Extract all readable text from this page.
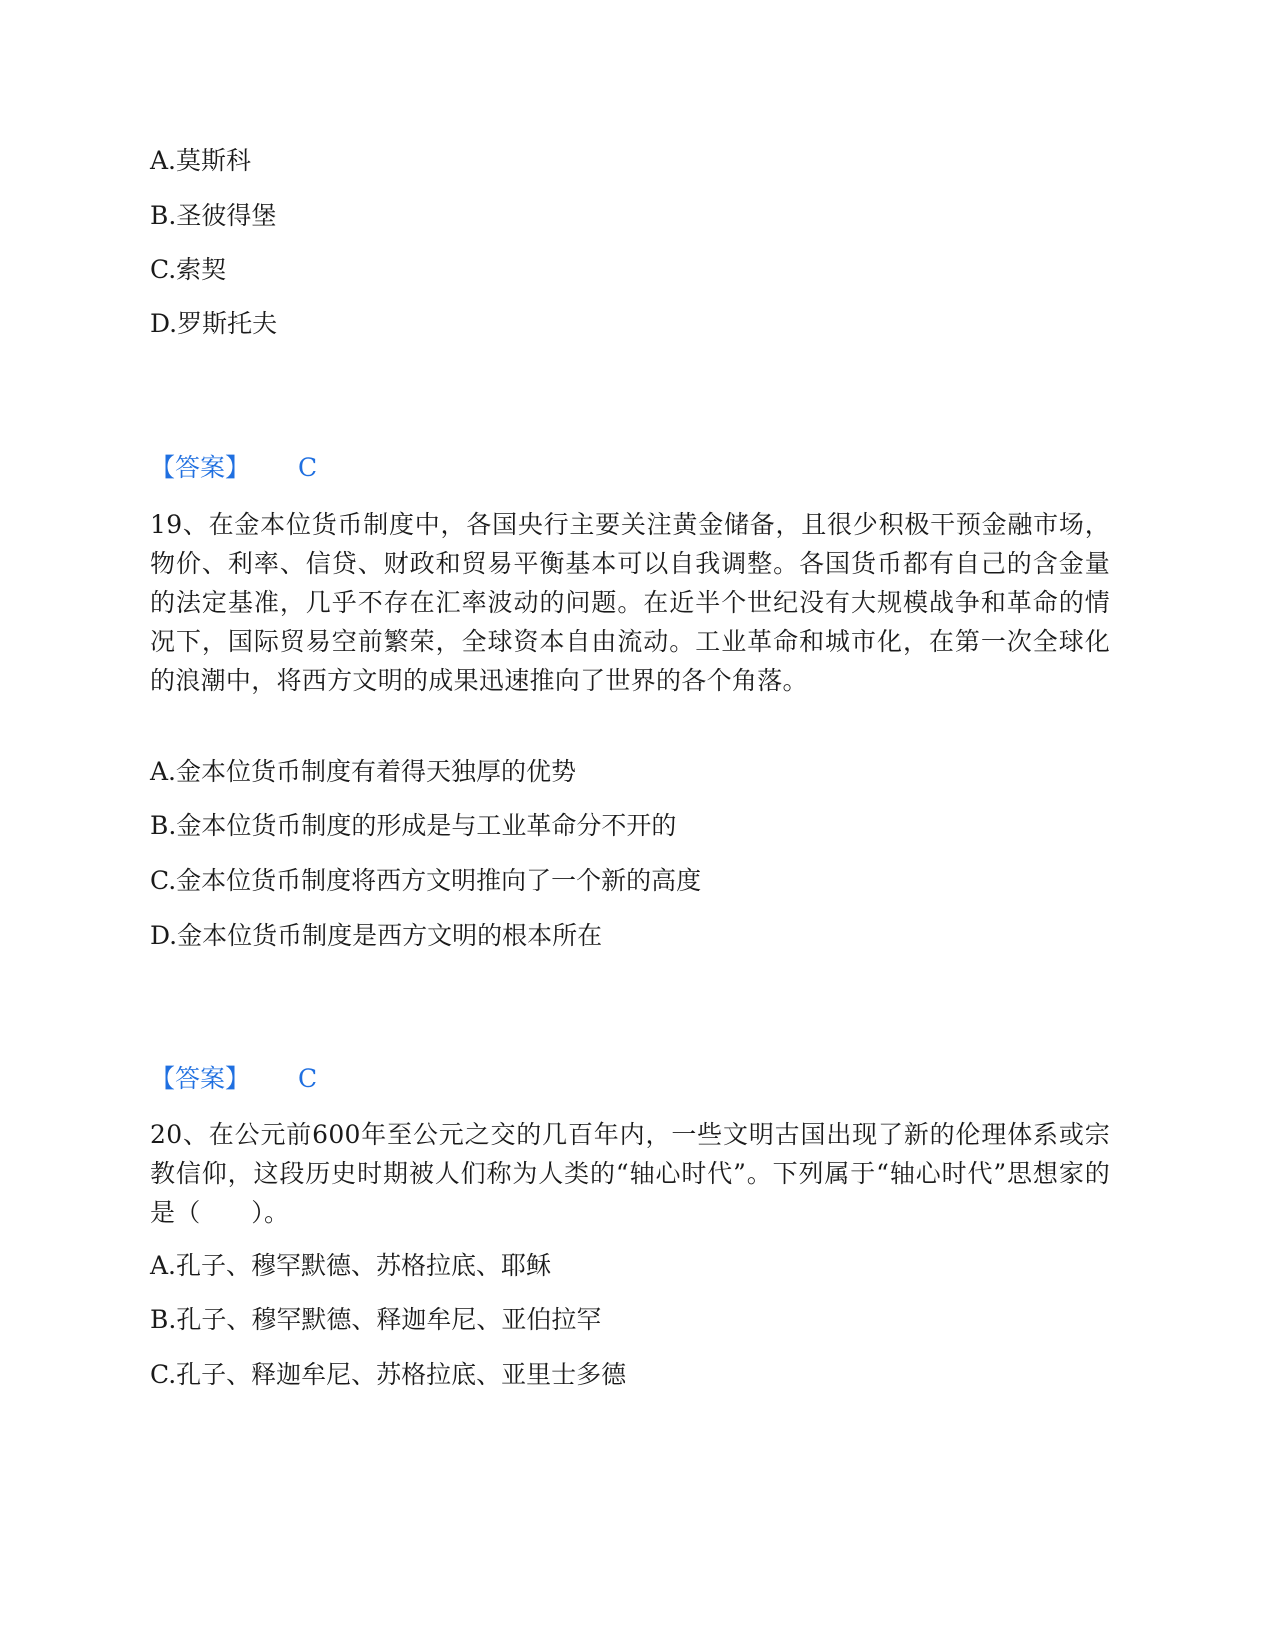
A.莫斯科
B.圣彼得堡
C.索契
D.罗斯托夫
【答案】 C
19、在金本位货币制度中，各国央行主要关注黄金储备，且很少积极干预金融市场，物价、利率、信贷、财政和贸易平衡基本可以自我调整。各国货币都有自己的含金量的法定基准，几乎不存在汇率波动的问题。在近半个世纪没有大规模战争和革命的情况下，国际贸易空前繁荣，全球资本自由流动。工业革命和城市化，在第一次全球化的浪潮中，将西方文明的成果迅速推向了世界的各个角落。
A.金本位货币制度有着得天独厚的优势
B.金本位货币制度的形成是与工业革命分不开的
C.金本位货币制度将西方文明推向了一个新的高度
D.金本位货币制度是西方文明的根本所在
【答案】 C
20、在公元前600年至公元之交的几百年内，一些文明古国出现了新的伦理体系或宗教信仰，这段历史时期被人们称为人类的“轴心时代”。下列属于“轴心时代”思想家的是（　　）。
A.孔子、穆罕默德、苏格拉底、耶稣
B.孔子、穆罕默德、释迦牟尼、亚伯拉罕
C.孔子、释迦牟尼、苏格拉底、亚里士多德
